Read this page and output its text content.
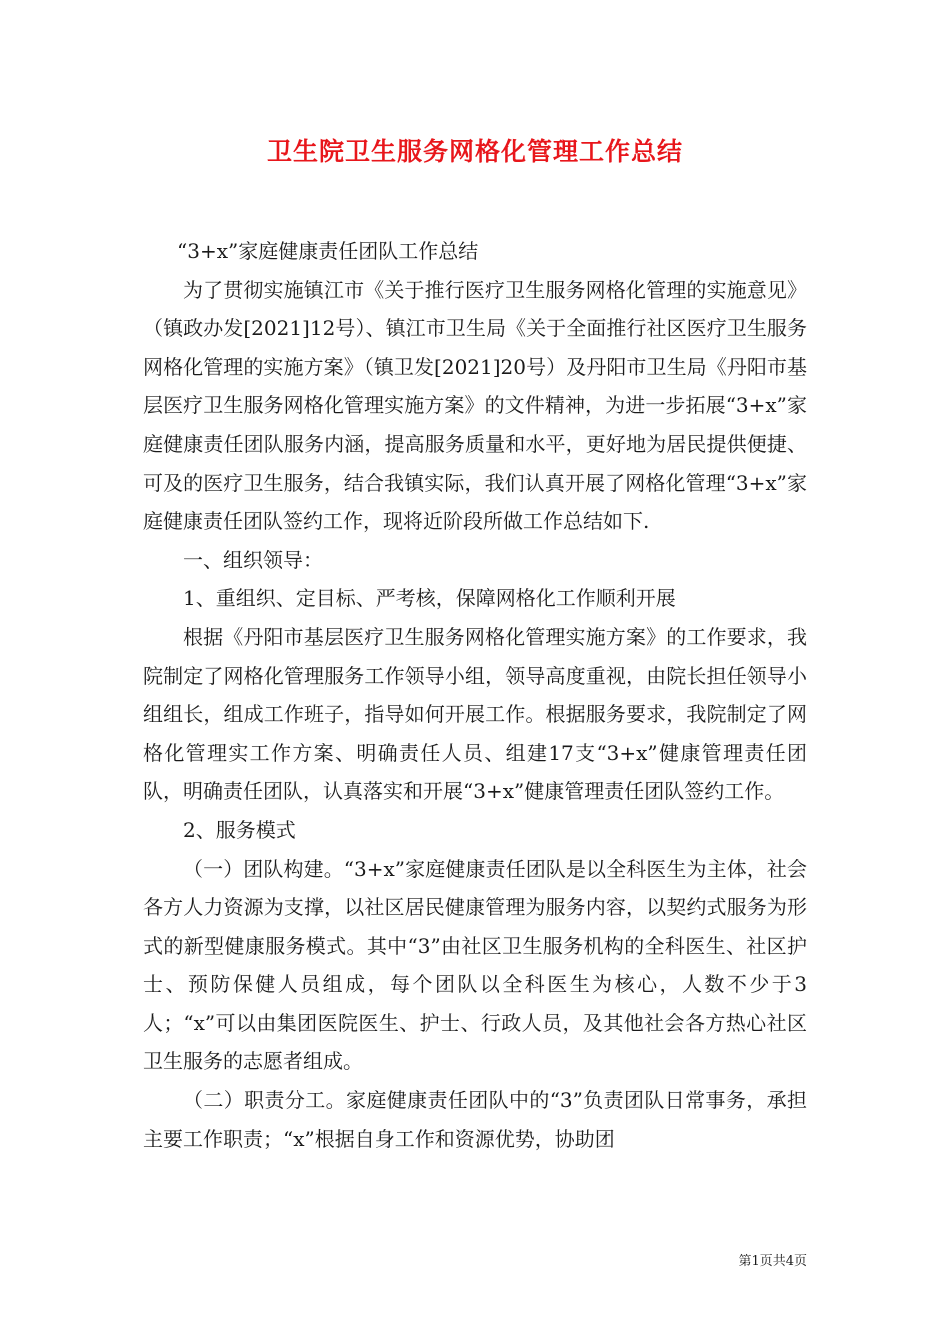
卫生院卫生服务网格化管理工作总结

“3+x”家庭健康责任团队工作总结

为了贯彻实施镇江市《关于推行医疗卫生服务网格化管理的实施意见》（镇政办发[2021]12号）、镇江市卫生局《关于全面推行社区医疗卫生服务网格化管理的实施方案》（镇卫发[2021]20号）及丹阳市卫生局《丹阳市基层医疗卫生服务网格化管理实施方案》的文件精神，为进一步拓展“3+x”家庭健康责任团队服务内涵，提高服务质量和水平，更好地为居民提供便捷、可及的医疗卫生服务，结合我镇实际，我们认真开展了网格化管理“3+x”家庭健康责任团队签约工作，现将近阶段所做工作总结如下.

一、组织领导：

1、重组织、定目标、严考核，保障网格化工作顺利开展

根据《丹阳市基层医疗卫生服务网格化管理实施方案》的工作要求，我院制定了网格化管理服务工作领导小组，领导高度重视，由院长担任领导小组组长，组成工作班子，指导如何开展工作。根据服务要求，我院制定了网格化管理实工作方案、明确责任人员、组建17支“3+x”健康管理责任团队，明确责任团队，认真落实和开展“3+x”健康管理责任团队签约工作。

2、服务模式

（一）团队构建。“3+x”家庭健康责任团队是以全科医生为主体，社会各方人力资源为支撑，以社区居民健康管理为服务内容，以契约式服务为形式的新型健康服务模式。其中“3”由社区卫生服务机构的全科医生、社区护士、预防保健人员组成，每个团队以全科医生为核心，人数不少于3人；“x”可以由集团医院医生、护士、行政人员，及其他社会各方热心社区卫生服务的志愿者组成。

（二）职责分工。家庭健康责任团队中的“3”负责团队日常事务，承担主要工作职责；“x”根据自身工作和资源优势，协助团

第1页共4页
